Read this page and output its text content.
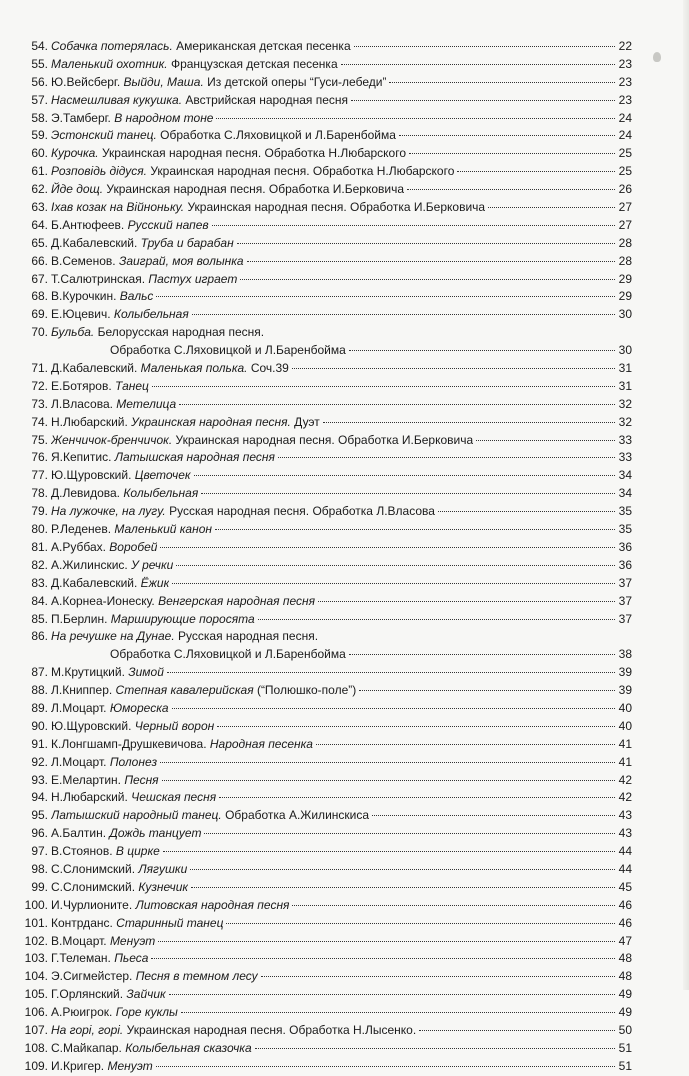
54. Собачка потерялась. Американская детская песенка	22
55. Маленький охотник. Французская детская песенка	23
56. Ю.Вейсберг. Выйди, Маша. Из детской оперы “Гуси-лебеди”	23
57. Насмешливая кукушка. Австрийская народная песня	23
58. Э.Тамберг. В народном тоне	24
59. Эстонский танец. Обработка С.Ляховицкой и Л.Баренбойма	24
60. Курочка. Украинская народная песня. Обработка Н.Любарского	25
61. Розповiдь дiдуся. Украинская народная песня. Обработка Н.Любарского	25
62. Йде дощ. Украинская народная песня. Обработка И.Берковича	26
63. Iхав козак на Вiйноньку. Украинская народная песня. Обработка И.Берковича	27
64. Б.Антюфеев. Русский напев	27
65. Д.Кабалевский. Труба и барабан	28
66. В.Семенов. Заиграй, моя волынка	28
67. Т.Салютринская. Пастух играет	29
68. В.Курочкин. Вальс	29
69. Е.Юцевич. Колыбельная	30
70. Бульба. Белорусская народная песня.
Обработка С.Ляховицкой и Л.Баренбойма	30
71. Д.Кабалевский. Маленькая полька. Соч.39	31
72. Е.Ботяров. Танец	31
73. Л.Власова. Метелица	32
74. Н.Любарский. Украинская народная песня. Дуэт	32
75. Женчичок-бренчичок. Украинская народная песня. Обработка И.Берковича	33
76. Я.Кепитис. Латышская народная песня	33
77. Ю.Щуровский. Цветочек	34
78. Д.Левидова. Колыбельная	34
79. На лужочке, на лугу. Русская народная песня. Обработка Л.Власова	35
80. Р.Леденев. Маленький канон	35
81. А.Руббах. Воробей	36
82. А.Жилинскис. У речки	36
83. Д.Кабалевский. Ёжик	37
84. А.Корнеа-Ионеску. Венгерская народная песня	37
85. П.Берлин. Марширующие поросята	37
86. На речушке на Дунае. Русская народная песня.
Обработка С.Ляховицкой и Л.Баренбойма	38
87. М.Крутицкий. Зимой	39
88. Л.Книппер. Степная кавалерийская (“Полюшко-поле”)	39
89. Л.Моцарт. Юмореска	40
90. Ю.Щуровский. Черный ворон	40
91. К.Лонгшамп-Друшкевичова. Народная песенка	41
92. Л.Моцарт. Полонез	41
93. Е.Мелартин. Песня	42
94. Н.Любарский. Чешская песня	42
95. Латышский народный танец. Обработка А.Жилинскиса	43
96. А.Балтин. Дождь танцует	43
97. В.Стоянов. В цирке	44
98. С.Слонимский. Лягушки	44
99. С.Слонимский. Кузнечик	45
100. И.Чурлионите. Литовская народная песня	46
101. Контрданс. Старинный танец	46
102. В.Моцарт. Менуэт	47
103. Г.Телеман. Пьеса	48
104. Э.Сигмейстер. Песня в темном лесу	48
105. Г.Орлянский. Зайчик	49
106. А.Рюигрок. Горе куклы	49
107. На горi, горi. Украинская народная песня. Обработка Н.Лысенко.	50
108. С.Майкапар. Колыбельная сказочка	51
109. И.Кригер. Менуэт	51
